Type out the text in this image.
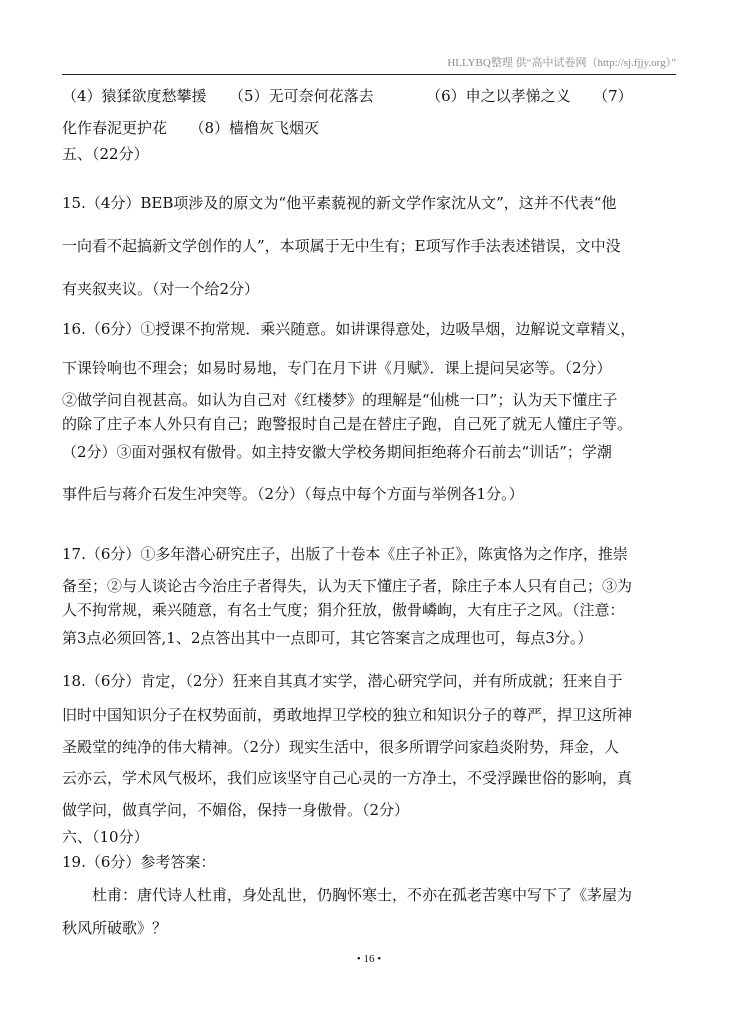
HLLYBQ整理 供“高中试卷网（http://sj.fjjy.org）”
（4）猿猱欲度愁攀援　　（5）无可奈何花落去　　　　（6）申之以孝悌之义　　（7）
化作春泥更护花　　（8）樯橹灰飞烟灭
五、（22分）
15.（4分）BEB项涉及的原文为“他平素藐视的新文学作家沈从文”，这并不代表“他
一向看不起搞新文学创作的人”，本项属于无中生有；E项写作手法表述错误，文中没
有夹叙夹议。（对一个给2分）
16.（6分）①授课不拘常规．乘兴随意。如讲课得意处，边吸旱烟，边解说文章精义，
下课铃响也不理会；如易时易地，专门在月下讲《月赋》．课上提问吴宓等。（2分）
②做学问自视甚高。如认为自己对《红楼梦》的理解是“仙桃一口”；认为天下懂庄子
的除了庄子本人外只有自己；跑警报时自己是在替庄子跑，自己死了就无人懂庄子等。
（2分）③面对强权有傲骨。如主持安徽大学校务期间拒绝蒋介石前去“训话”；学潮
事件后与蒋介石发生冲突等。（2分）（每点中每个方面与举例各1分。）
17.（6分）①多年潜心研究庄子，出版了十卷本《庄子补正》，陈寅恪为之作序，推崇
备至；②与人谈论古今治庄子者得失，认为天下懂庄子者，除庄子本人只有自己；③为
人不拘常规，乘兴随意，有名士气度；狷介狂放，傲骨嶙峋，大有庄子之风。（注意：
第3点必须回答,1、2点答出其中一点即可，其它答案言之成理也可，每点3分。）
18.（6分）肯定，（2分）狂来自其真才实学，潜心研究学问，并有所成就；狂来自于
旧时中国知识分子在权势面前，勇敢地捍卫学校的独立和知识分子的尊严，捍卫这所神
圣殿堂的纯净的伟大精神。（2分）现实生活中，很多所谓学问家趋炎附势，拜金，人
云亦云，学术风气极坏，我们应该坚守自己心灵的一方净土，不受浮躁世俗的影响，真
做学问，做真学问，不媚俗，保持一身傲骨。（2分）
六、（10分）
19.（6分）参考答案：
　　杜甫：唐代诗人杜甫，身处乱世，仍胸怀寒士，不亦在孤老苦寒中写下了《茅屋为
秋风所破歌》？
• 16 •
